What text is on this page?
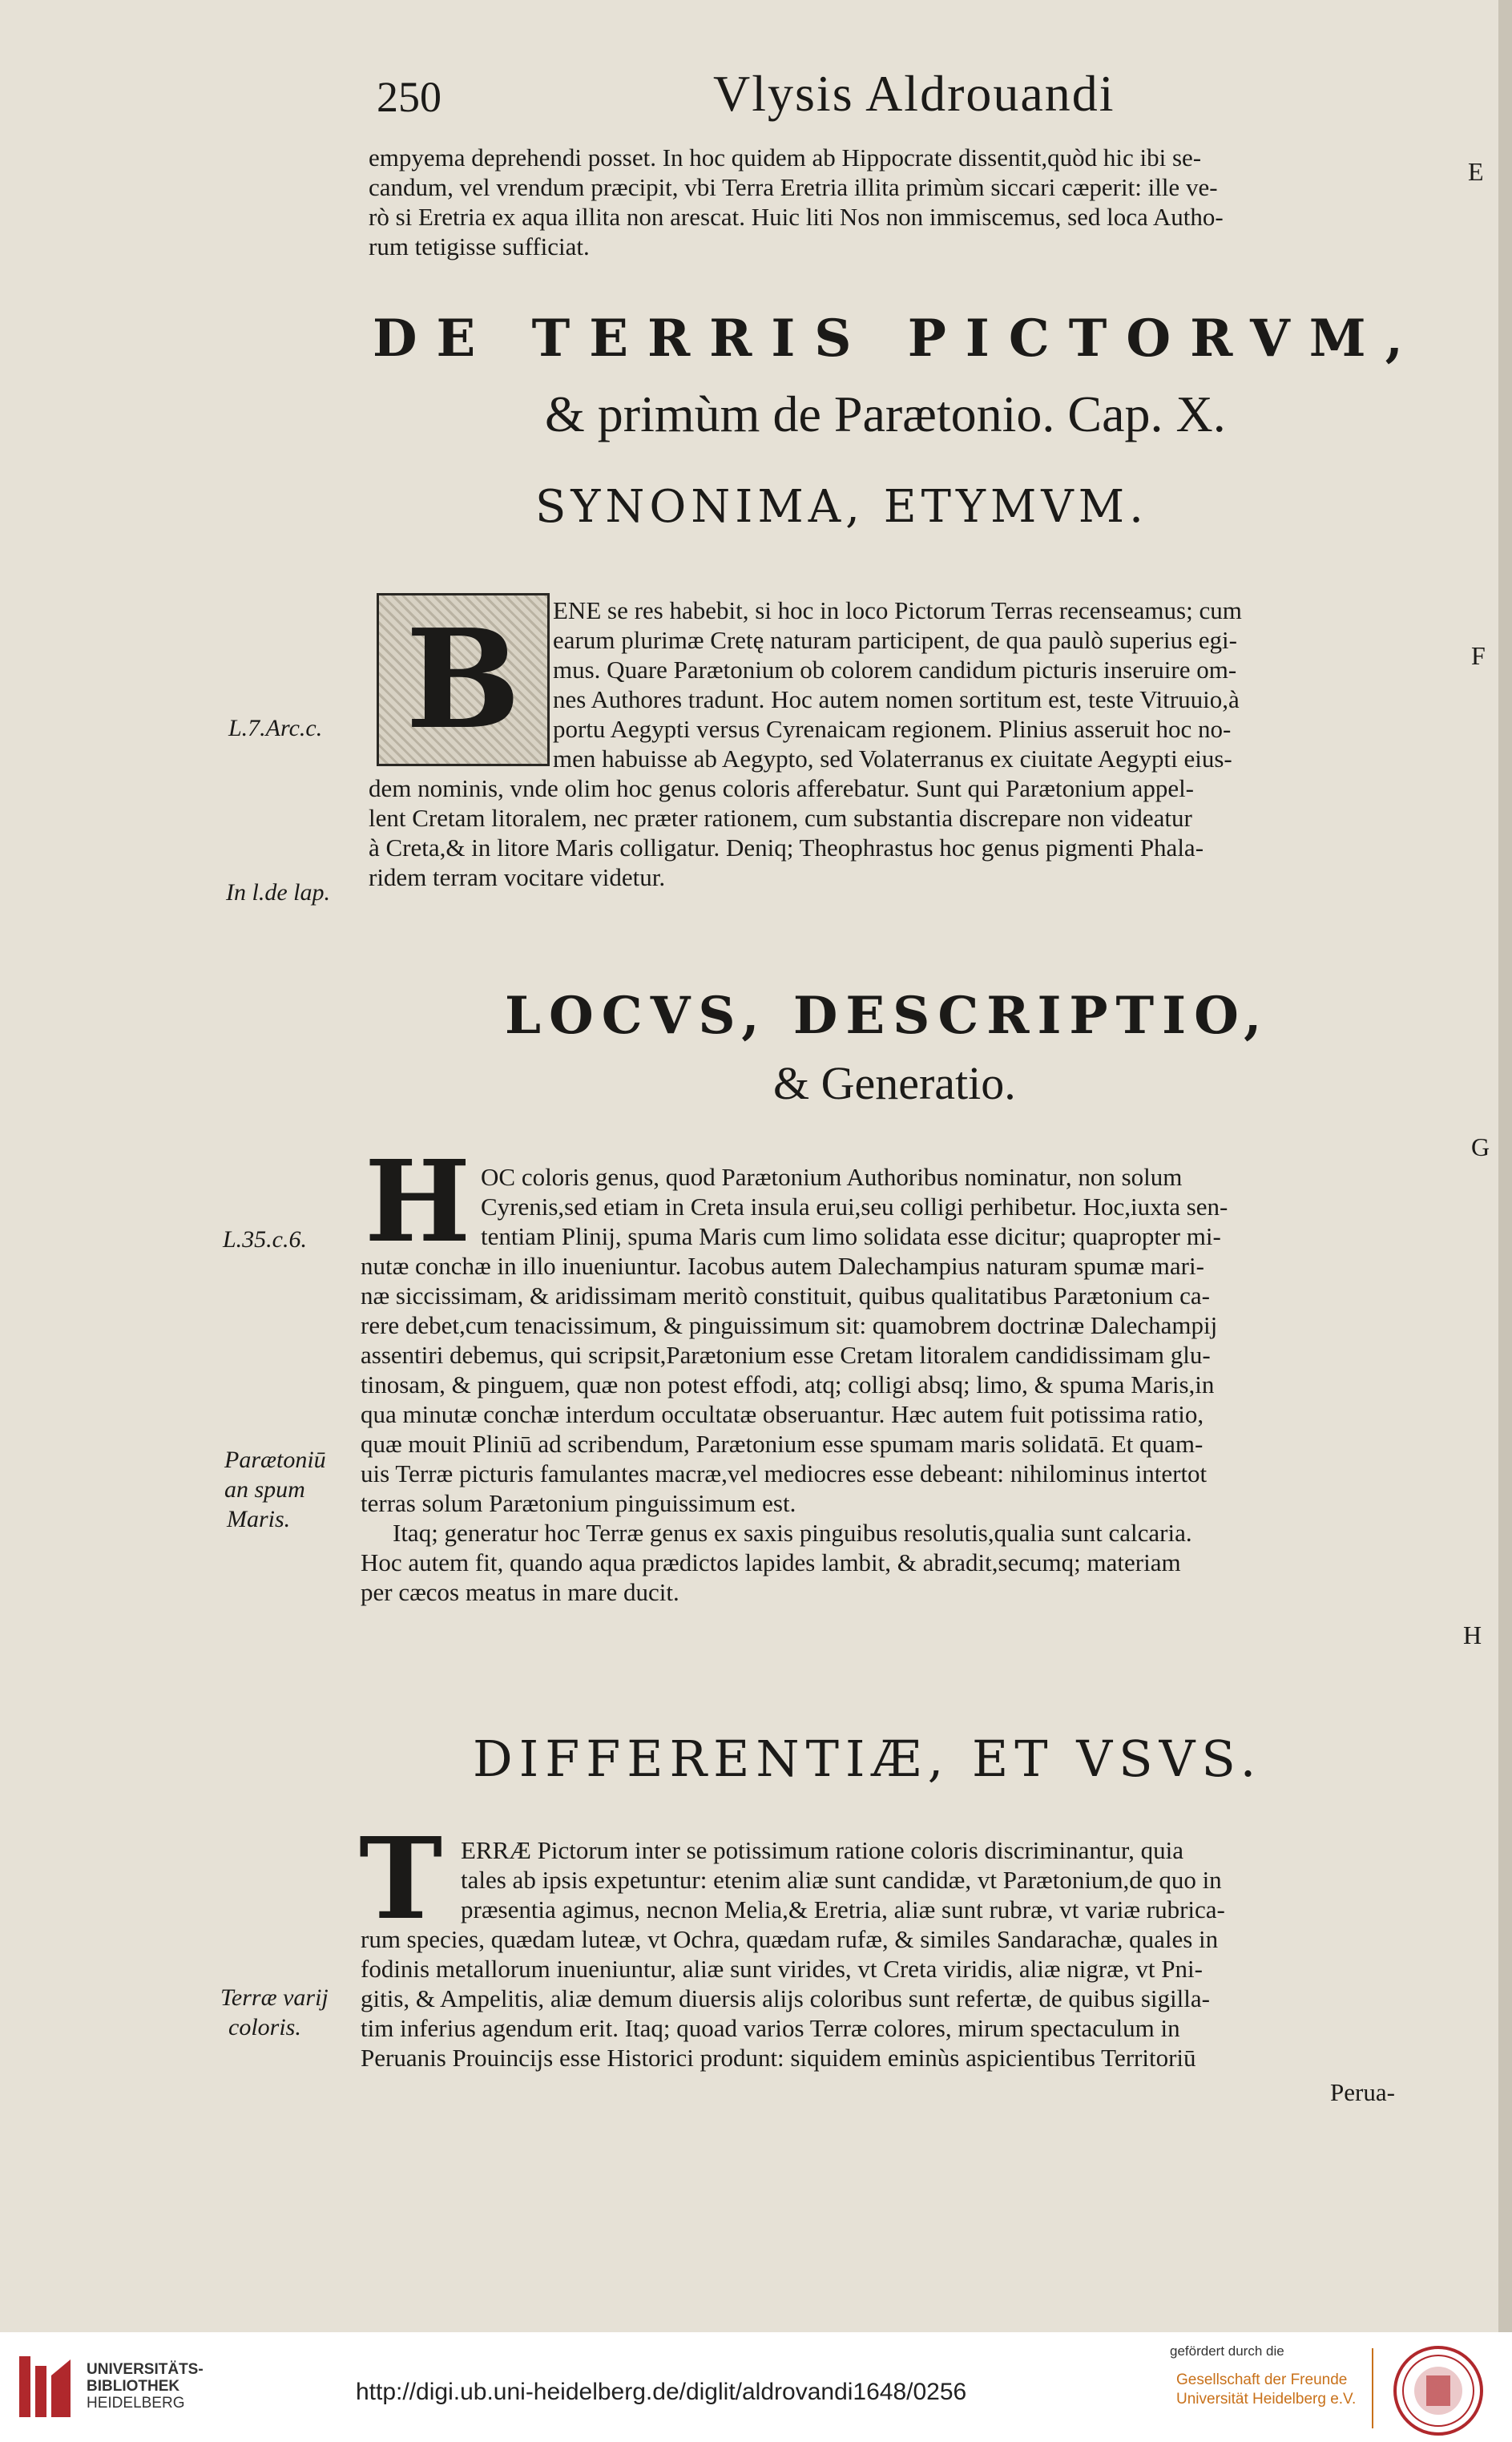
250	Vlysis Aldrouandi
empyema deprehendi posset. In hoc quidem ab Hippocrate dissentit,quòd hic ibi se-
candum, vel vrendum præcipit, vbi Terra Eretria illita primùm siccari cæperit: ille ve-
rò si Eretria ex aqua illita non arescat. Huic liti Nos non immiscemus, sed loca Autho-
rum tetigisse sufficiat.
DE TERRIS PICTORVM,
& primùm de Parætonio. Cap. X.
SYNONIMA, ETYMVM.
B ENE se res habebit, si hoc in loco Pictorum Terras recenseamus; cum
earum plurimæ Cretę naturam participent, de qua paulò superius egi-
mus. Quare Parætonium ob colorem candidum picturis inseruire om-
nes Authores tradunt. Hoc autem nomen sortitum est, teste Vitruuio,à
portu Aegypti versus Cyrenaicam regionem. Plinius asseruit hoc no-
men habuisse ab Aegypto, sed Volaterranus ex ciuitate Aegypti eius-
dem nominis, vnde olim hoc genus coloris afferebatur. Sunt qui Parætonium appel-
lent Cretam litoralem, nec præter rationem, cum substantia discrepare non videatur
à Creta,& in litore Maris colligatur. Deniq; Theophrastus hoc genus pigmenti Phala-
ridem terram vocitare videtur.
L.7.Arc.c.
In l.de lap.
LOCVS, DESCRIPTIO,
& Generatio.
H OC coloris genus, quod Parætonium Authoribus nominatur, non solum
Cyrenis,sed etiam in Creta insula erui,seu colligi perhibetur. Hoc,iuxta sen-
tentiam Plinij, spuma Maris cum limo solidata esse dicitur; quapropter mi-
nutæ conchæ in illo inueniuntur. Iacobus autem Dalechampius naturam spumæ mari-
næ siccissimam, & aridissimam meritò constituit, quibus qualitatibus Parætonium ca-
rere debet,cum tenacissimum, & pinguissimum sit: quamobrem doctrinæ Dalechampij
assentiri debemus, qui scripsit,Parætonium esse Cretam litoralem candidissimam glu-
tinosam, & pinguem, quæ non potest effodi, atq; colligi absq; limo, & spuma Maris,in
qua minutæ conchæ interdum occultatæ obseruantur. Hæc autem fuit potissima ratio,
quæ mouit Pliniū ad scribendum, Parætonium esse spumam maris solidatā. Et quam-
uis Terræ picturis famulantes macræ,vel mediocres esse debeant: nihilominus intertot
terras solum Parætonium pinguissimum est.
Itaq; generatur hoc Terræ genus ex saxis pinguibus resolutis,qualia sunt calcaria.
Hoc autem fit, quando aqua prædictos lapides lambit, & abradit,secumq; materiam
per cæcos meatus in mare ducit.
L.35.c.6.
Parætoniū
an spum
Maris.
DIFFERENTIÆ, ET VSVS.
T ERRÆ Pictorum inter se potissimum ratione coloris discriminantur, quia
tales ab ipsis expetuntur: etenim aliæ sunt candidæ, vt Parætonium,de quo in
præsentia agimus, necnon Melia,& Eretria, aliæ sunt rubræ, vt variæ rubrica-
rum species, quædam luteæ, vt Ochra, quædam rufæ, & similes Sandarachæ, quales in
fodinis metallorum inueniuntur, aliæ sunt virides, vt Creta viridis, aliæ nigræ, vt Pni-
gitis, & Ampelitis, aliæ demum diuersis alijs coloribus sunt refertæ, de quibus sigilla-
tim inferius agendum erit. Itaq; quoad varios Terræ colores, mirum spectaculum in
Peruanis Prouincijs esse Historici produnt: siquidem eminùs aspicientibus Territoriū
Perua-
Terræ varij
coloris.
E
F
G
H
UNIVERSITÄTS-
BIBLIOTHEK
HEIDELBERG	http://digi.ub.uni-heidelberg.de/diglit/aldrovandi1648/0256
gefördert durch die
Gesellschaft der Freunde
Universität Heidelberg e.V.
